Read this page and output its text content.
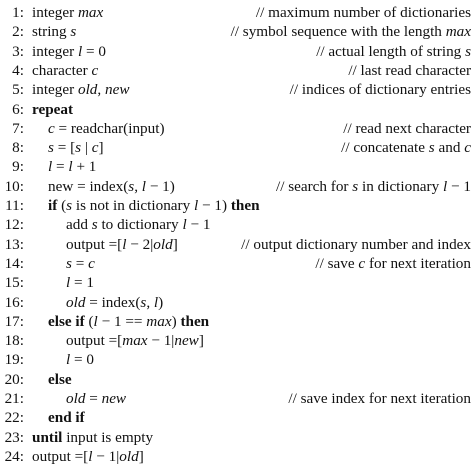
1: integer max	// maximum number of dictionaries
2: string s	// symbol sequence with the length max
3: integer l = 0	// actual length of string s
4: character c	// last read character
5: integer old, new	// indices of dictionary entries
6: repeat
7: c = readchar(input)	// read next character
8: s = [s | c]	// concatenate s and c
9: l = l + 1
10: new = index(s, l − 1)	// search for s in dictionary l − 1
11: if (s is not in dictionary l − 1) then
12:	add s to dictionary l − 1
13:	output =[l − 2|old]	// output dictionary number and index
14:	s = c	// save c for next iteration
15:	l = 1
16:	old = index(s, l)
17: else if (l − 1 == max) then
18:	output =[max − 1|new]
19:	l = 0
20: else
21:	old = new	// save index for next iteration
22: end if
23: until input is empty
24: output =[l − 1|old]
